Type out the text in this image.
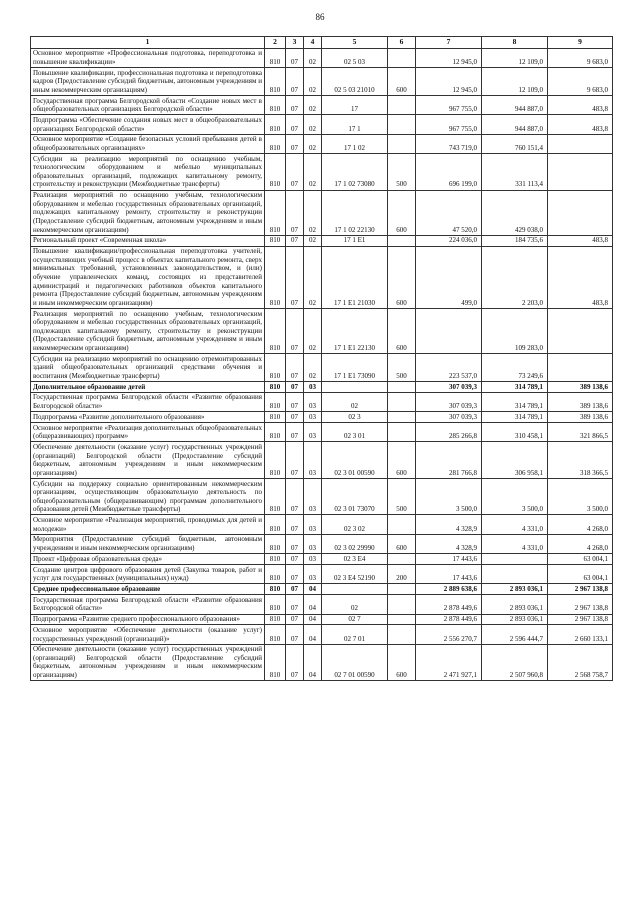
86
1	2	3	4	5	6	7	8	9
Основное мероприятие «Профессиональная подготовка, переподготовка и повышение квалификации»	810	07	02	02 5 03		12 945,0	12 109,0	9 683,0
Повышение квалификации, профессиональная подготовка и переподготовка кадров (Предоставление субсидий бюджетным, автономным учреждениям и иным некоммерческим организациям)	810	07	02	02 5 03 21010	600	12 945,0	12 109,0	9 683,0
Государственная программа Белгородской области «Создание новых мест в общеобразовательных организациях Белгородской области»	810	07	02	17		967 755,0	944 887,0	483,8
Подпрограмма «Обеспечение создания новых мест в общеобразовательных организациях Белгородской области»	810	07	02	17 1		967 755,0	944 887,0	483,8
Основное мероприятие «Создание безопасных условий пребывания детей в общеобразовательных организациях»	810	07	02	17 1 02		743 719,0	760 151,4	
Субсидии на реализацию мероприятий по оснащению учебным, технологическим оборудованием и мебелью муниципальных образовательных организаций, подлежащих капитальному ремонту, строительству и реконструкции (Межбюджетные трансферты)	810	07	02	17 1 02 73080	500	696 199,0	331 113,4	
Реализация мероприятий по оснащению учебным, технологическим оборудованием и мебелью государственных образовательных организаций, подлежащих капитальному ремонту, строительству и реконструкции (Предоставление субсидий бюджетным, автономным учреждениям и иным некоммерческим организациям)	810	07	02	17 1 02 22130	600	47 520,0	429 038,0	
Региональный проект «Современная школа»	810	07	02	17 1 E1		224 036,0	184 735,6	483,8
Повышение квалификации/профессиональная переподготовка учителей, осуществляющих учебный процесс в объектах капитального ремонта, сверх минимальных требований, установленных законодательством, и (или) обучение управленческих команд, состоящих из представителей администраций и педагогических работников объектов капитального ремонта (Предоставление субсидий бюджетным, автономным учреждениям и иным некоммерческим организациям)	810	07	02	17 1 E1 21030	600	499,0	2 203,0	483,8
Реализация мероприятий по оснащению учебным, технологическим оборудованием и мебелью государственных образовательных организаций, подлежащих капитальному ремонту, строительству и реконструкции (Предоставление субсидий бюджетным, автономным учреждениям и иным некоммерческим организациям)	810	07	02	17 1 E1 22130	600		109 283,0	
Субсидии на реализацию мероприятий по оснащению отремонтированных зданий общеобразовательных организаций средствами обучения и воспитания (Межбюджетные трансферты)	810	07	02	17 1 E1 73090	500	223 537,0	73 249,6	
Дополнительное образование детей	810	07	03			307 039,3	314 789,1	389 138,6
Государственная программа Белгородской области «Развитие образования Белгородской области»	810	07	03	02		307 039,3	314 789,1	389 138,6
Подпрограмма «Развитие дополнительного образования»	810	07	03	02 3		307 039,3	314 789,1	389 138,6
Основное мероприятие «Реализация дополнительных общеобразовательных (общеразвивающих) программ»	810	07	03	02 3 01		285 266,8	310 458,1	321 866,5
Обеспечение деятельности (оказание услуг) государственных учреждений (организаций) Белгородской области (Предоставление субсидий бюджетным, автономным учреждениям и иным некоммерческим организациям)	810	07	03	02 3 01 00590	600	281 766,8	306 958,1	318 366,5
Субсидии на поддержку социально ориентированным некоммерческим организациям, осуществляющим образовательную деятельность по общеобразовательным (общеразвивающим) программам дополнительного образования детей (Межбюджетные трансферты)	810	07	03	02 3 01 73070	500	3 500,0	3 500,0	3 500,0
Основное мероприятие «Реализация мероприятий, проводимых для детей и молодежи»	810	07	03	02 3 02		4 328,9	4 331,0	4 268,0
Мероприятия (Предоставление субсидий бюджетным, автономным учреждениям и иным некоммерческим организациям)	810	07	03	02 3 02 29990	600	4 328,9	4 331,0	4 268,0
Проект «Цифровая образовательная среда»	810	07	03	02 3 E4		17 443,6		63 004,1
Создание центров цифрового образования детей (Закупка товаров, работ и услуг для государственных (муниципальных) нужд)	810	07	03	02 3 E4 52190	200	17 443,6		63 004,1
Среднее профессиональное образование	810	07	04			2 889 638,6	2 893 036,1	2 967 138,8
Государственная программа Белгородской области «Развитие образования Белгородской области»	810	07	04	02		2 878 449,6	2 893 036,1	2 967 138,8
Подпрограмма «Развитие среднего профессионального образования»	810	07	04	02 7		2 878 449,6	2 893 036,1	2 967 138,8
Основное мероприятие «Обеспечение деятельности (оказание услуг) государственных учреждений (организаций)»	810	07	04	02 7 01		2 556 270,7	2 596 444,7	2 660 133,1
Обеспечение деятельности (оказание услуг) государственных учреждений (организаций) Белгородской области (Предоставление субсидий бюджетным, автономным учреждениям и иным некоммерческим организациям)	810	07	04	02 7 01 00590	600	2 471 927,1	2 507 960,8	2 568 758,7
